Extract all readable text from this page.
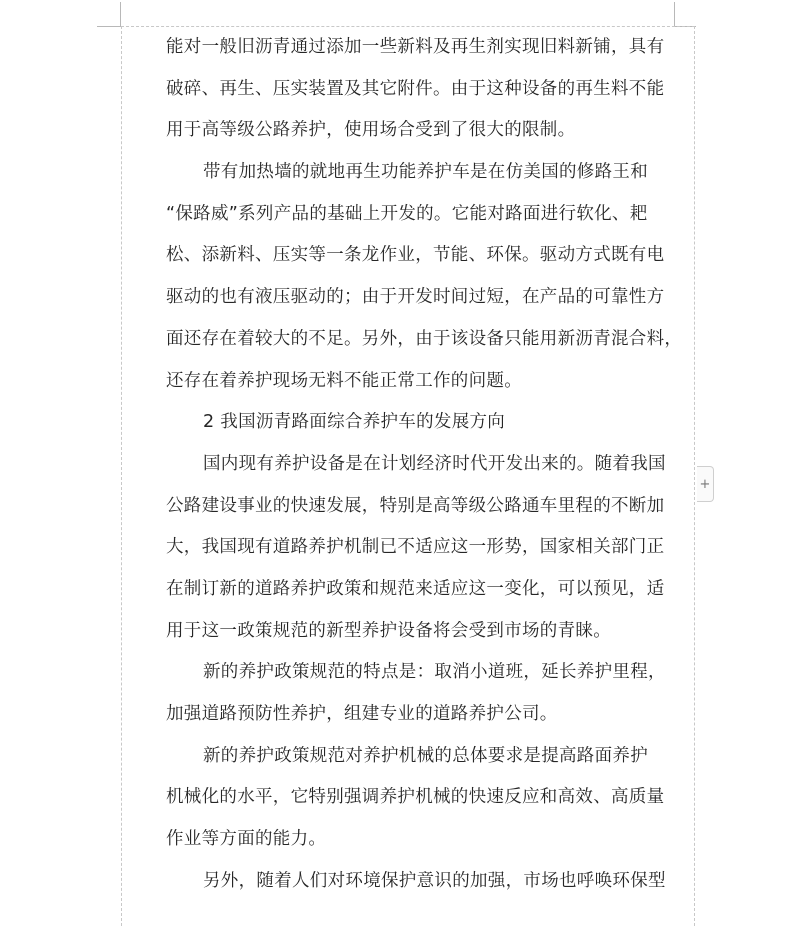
能对一般旧沥青通过添加一些新料及再生剂实现旧料新铺，具有
破碎、再生、压实装置及其它附件。由于这种设备的再生料不能
用于高等级公路养护，使用场合受到了很大的限制。
带有加热墙的就地再生功能养护车是在仿美国的修路王和
“保路威”系列产品的基础上开发的。它能对路面进行软化、耙
松、添新料、压实等一条龙作业，节能、环保。驱动方式既有电
驱动的也有液压驱动的；由于开发时间过短，在产品的可靠性方
面还存在着较大的不足。另外，由于该设备只能用新沥青混合料，
还存在着养护现场无料不能正常工作的问题。
2 我国沥青路面综合养护车的发展方向
国内现有养护设备是在计划经济时代开发出来的。随着我国
公路建设事业的快速发展，特别是高等级公路通车里程的不断加
大，我国现有道路养护机制已不适应这一形势，国家相关部门正
在制订新的道路养护政策和规范来适应这一变化，可以预见，适
用于这一政策规范的新型养护设备将会受到市场的青睐。
新的养护政策规范的特点是：取消小道班，延长养护里程，
加强道路预防性养护，组建专业的道路养护公司。
新的养护政策规范对养护机械的总体要求是提高路面养护
机械化的水平，它特别强调养护机械的快速反应和高效、高质量
作业等方面的能力。
另外，随着人们对环境保护意识的加强，市场也呼唤环保型
+
